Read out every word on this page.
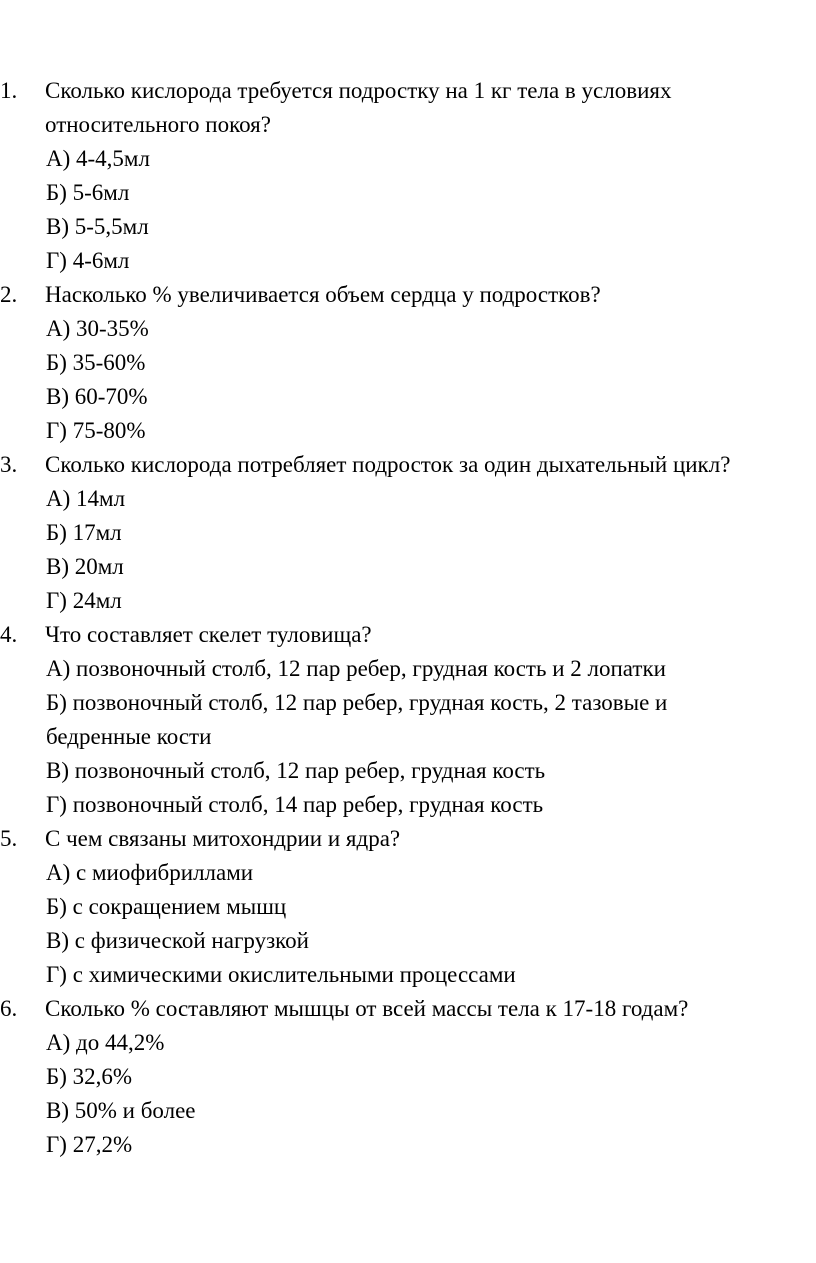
1.	Сколько кислорода требуется подростку на 1 кг тела в условиях
относительного покоя?
А) 4-4,5мл
Б) 5-6мл
В) 5-5,5мл
Г) 4-6мл
2.	Насколько % увеличивается объем сердца у подростков?
А) 30-35%
Б) 35-60%
В) 60-70%
Г) 75-80%
3.	Сколько кислорода потребляет подросток за один дыхательный цикл?
А) 14мл
Б) 17мл
В) 20мл
Г) 24мл
4.	Что составляет скелет туловища?
А) позвоночный столб, 12 пар ребер, грудная кость и 2 лопатки
Б) позвоночный столб, 12 пар ребер, грудная кость, 2 тазовые и
бедренные кости
В) позвоночный столб, 12 пар ребер, грудная кость
Г) позвоночный столб, 14 пар ребер, грудная кость
5.	С чем связаны митохондрии и ядра?
А) с миофибриллами
Б) с сокращением мышц
В) с физической нагрузкой
Г) с химическими окислительными процессами
6.	Сколько % составляют мышцы от всей массы тела к 17-18 годам?
А) до 44,2%
Б) 32,6%
В) 50% и более
Г) 27,2%
